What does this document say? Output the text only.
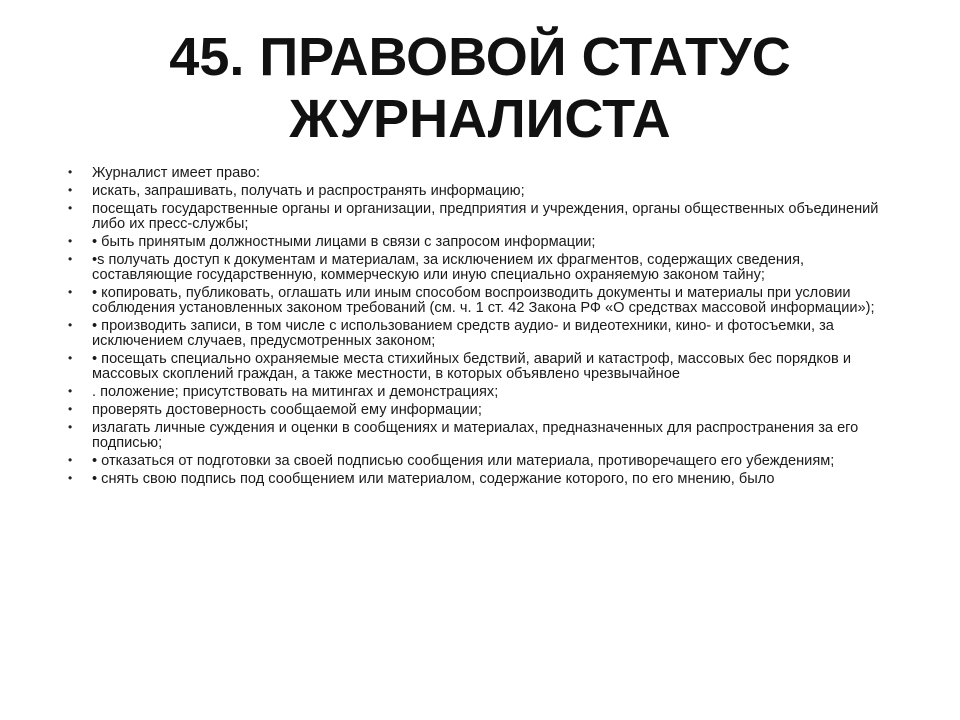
45. ПРАВОВОЙ СТАТУС
ЖУРНАЛИСТА
• Журналист имеет право:
• искать, запрашивать, получать и распространять информацию;
• посещать государственные органы и организации, предприятия и учреждения, органы общественных объединений либо их пресс-службы;
• • быть принятым должностными лицами в связи с запросом информации;
• •s получать доступ к документам и материалам, за исключением их фрагментов, содержащих сведения, составляющие государственную, коммерческую или иную специально охраняемую законом тайну;
• • копировать, публиковать, оглашать или иным способом воспроизводить документы и материалы при условии соблюдения установленных законом требований (см. ч. 1 ст. 42 Закона РФ «О средствах массовой информации»);
• • производить записи, в том числе с использованием средств аудио- и видеотехники, кино- и фотосъемки, за исключением случаев, предусмотренных законом;
• • посещать специально охраняемые места стихийных бедствий, аварий и катастроф, массовых бес порядков и массовых скоплений граждан, а также местности, в которых объявлено чрезвычайное
• . положение; присутствовать на митингах и демонстрациях;
• проверять достоверность сообщаемой ему информации;
• излагать личные суждения и оценки в сообщениях и материалах, предназначенных для распространения за его подписью;
• • отказаться от подготовки за своей подписью сообщения или материала, противоречащего его убеждениям;
• • снять свою подпись под сообщением или материалом, содержание которого, по его мнению, было
